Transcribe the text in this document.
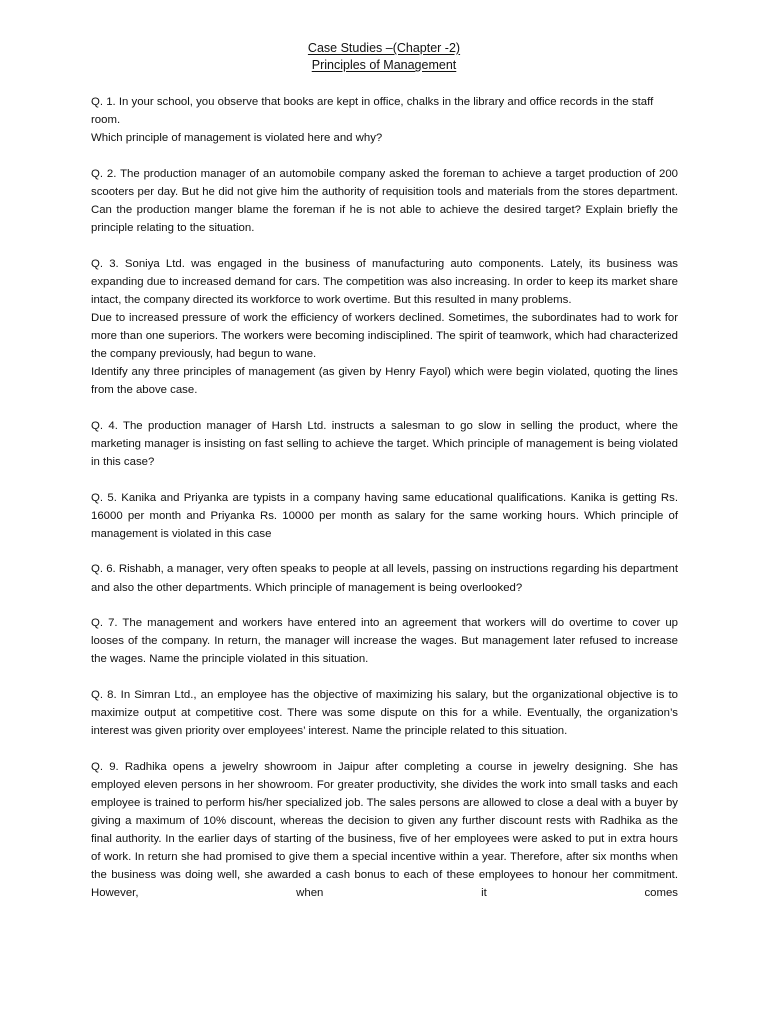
Case Studies –(Chapter -2)
Principles of Management

Q. 1. In your school, you observe that books are kept in office, chalks in the library and office records in the staff room.

Which principle of management is violated here and why?

Q. 2. The production manager of an automobile company asked the foreman to achieve a target production of 200 scooters per day. But he did not give him the authority of requisition tools and materials from the stores department. Can the production manger blame the foreman if he is not able to achieve the desired target? Explain briefly the principle relating to the situation.

Q. 3. Soniya Ltd. was engaged in the business of manufacturing auto components. Lately, its business was expanding due to increased demand for cars. The competition was also increasing. In order to keep its market share intact, the company directed its workforce to work overtime. But this resulted in many problems.

Due to increased pressure of work the efficiency of workers declined. Sometimes, the subordinates had to work for more than one superiors. The workers were becoming indisciplined. The spirit of teamwork, which had characterized the company previously, had begun to wane.

Identify any three principles of management (as given by Henry Fayol) which were begin violated, quoting the lines from the above case.

Q. 4. The production manager of Harsh Ltd. instructs a salesman to go slow in selling the product, where the marketing manager is insisting on fast selling to achieve the target. Which principle of management is being violated in this case?

Q. 5. Kanika and Priyanka are typists in a company having same educational qualifications. Kanika is getting Rs. 16000 per month and Priyanka Rs. 10000 per month as salary for the same working hours. Which principle of management is violated in this case

Q. 6. Rishabh, a manager, very often speaks to people at all levels, passing on instructions regarding his department and also the other departments. Which principle of management is being overlooked?

Q. 7. The management and workers have entered into an agreement that workers will do overtime to cover up looses of the company. In return, the manager will increase the wages. But management later refused to increase the wages. Name the principle violated in this situation.

Q. 8. In Simran Ltd., an employee has the objective of maximizing his salary, but the organizational objective is to maximize output at competitive cost. There was some dispute on this for a while. Eventually, the organization’s interest was given priority over employees’ interest. Name the principle related to this situation.

Q. 9. Radhika opens a jewelry showroom in Jaipur after completing a course in jewelry designing. She has employed eleven persons in her showroom. For greater productivity, she divides the work into small tasks and each employee is trained to perform his/her specialized job. The sales persons are allowed to close a deal with a buyer by giving a maximum of 10% discount, whereas the decision to given any further discount rests with Radhika as the final authority. In the earlier days of starting of the business, five of her employees were asked to put in extra hours of work. In return she had promised to give them a special incentive within a year. Therefore, after six months when the business was doing well, she awarded a cash bonus to each of these employees to honour her commitment. However, when it comes
